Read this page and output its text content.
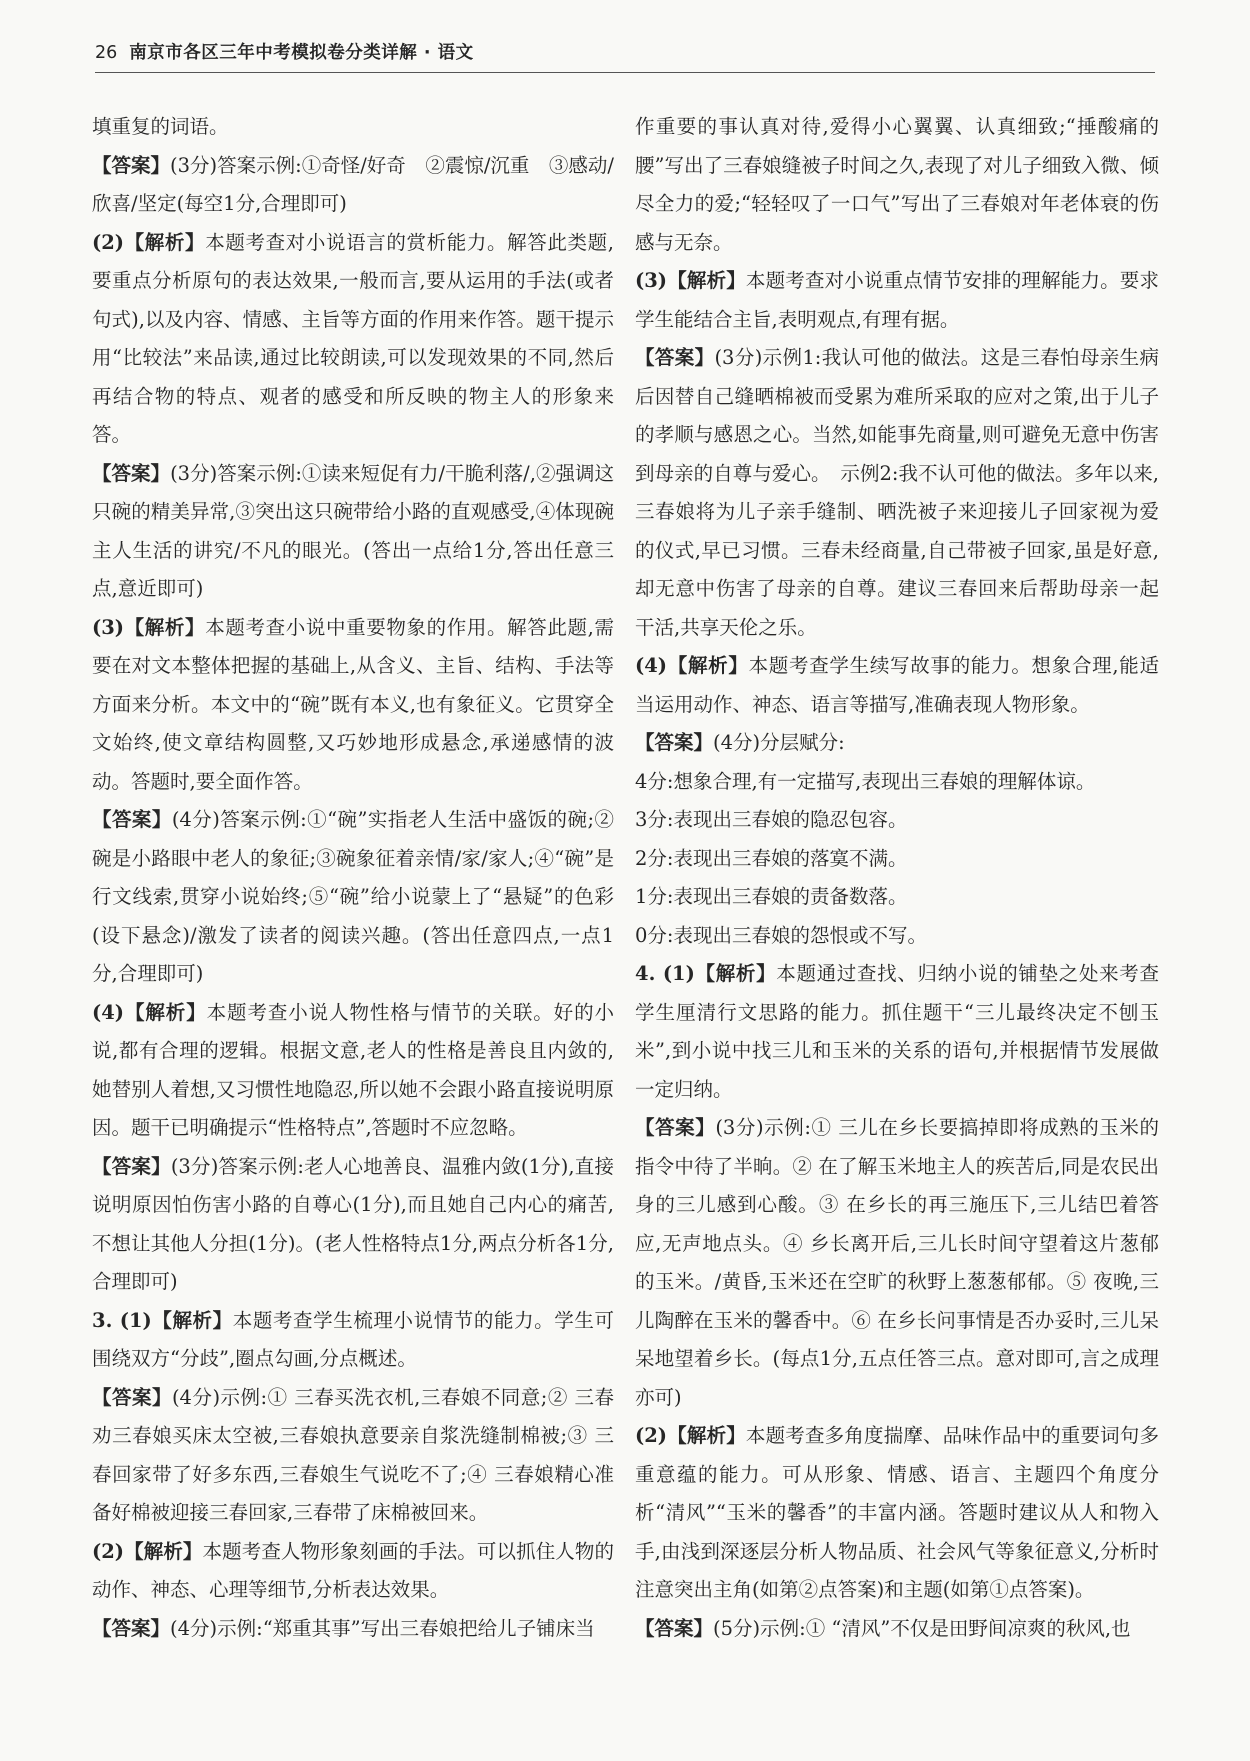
26 南京市各区三年中考模拟卷分类详解 · 语文

填重复的词语。

【答案】(3分)答案示例:①奇怪/好奇　②震惊/沉重　③感动/欣喜/坚定(每空1分,合理即可)

(2)【解析】本题考查对小说语言的赏析能力。解答此类题,要重点分析原句的表达效果,一般而言,要从运用的手法(或者句式),以及内容、情感、主旨等方面的作用来作答。题干提示用“比较法”来品读,通过比较朗读,可以发现效果的不同,然后再结合物的特点、观者的感受和所反映的物主人的形象来答。

【答案】(3分)答案示例:①读来短促有力/干脆利落/,②强调这只碗的精美异常,③突出这只碗带给小路的直观感受,④体现碗主人生活的讲究/不凡的眼光。(答出一点给1分,答出任意三点,意近即可)

(3)【解析】本题考查小说中重要物象的作用。解答此题,需要在对文本整体把握的基础上,从含义、主旨、结构、手法等方面来分析。本文中的“碗”既有本义,也有象征义。它贯穿全文始终,使文章结构圆整,又巧妙地形成悬念,承递感情的波动。答题时,要全面作答。

【答案】(4分)答案示例:①“碗”实指老人生活中盛饭的碗;②碗是小路眼中老人的象征;③碗象征着亲情/家/家人;④“碗”是行文线索,贯穿小说始终;⑤“碗”给小说蒙上了“悬疑”的色彩(设下悬念)/激发了读者的阅读兴趣。(答出任意四点,一点1分,合理即可)

(4)【解析】本题考查小说人物性格与情节的关联。好的小说,都有合理的逻辑。根据文意,老人的性格是善良且内敛的,她替别人着想,又习惯性地隐忍,所以她不会跟小路直接说明原因。题干已明确提示“性格特点”,答题时不应忽略。

【答案】(3分)答案示例:老人心地善良、温雅内敛(1分),直接说明原因怕伤害小路的自尊心(1分),而且她自己内心的痛苦,不想让其他人分担(1分)。(老人性格特点1分,两点分析各1分,合理即可)

3. (1)【解析】本题考查学生梳理小说情节的能力。学生可围绕双方“分歧”,圈点勾画,分点概述。

【答案】(4分)示例:① 三春买洗衣机,三春娘不同意;② 三春劝三春娘买床太空被,三春娘执意要亲自浆洗缝制棉被;③ 三春回家带了好多东西,三春娘生气说吃不了;④ 三春娘精心准备好棉被迎接三春回家,三春带了床棉被回来。

(2)【解析】本题考查人物形象刻画的手法。可以抓住人物的动作、神态、心理等细节,分析表达效果。

【答案】(4分)示例:“郑重其事”写出三春娘把给儿子铺床当

作重要的事认真对待,爱得小心翼翼、认真细致;“捶酸痛的腰”写出了三春娘缝被子时间之久,表现了对儿子细致入微、倾尽全力的爱;“轻轻叹了一口气”写出了三春娘对年老体衰的伤感与无奈。

(3)【解析】本题考查对小说重点情节安排的理解能力。要求学生能结合主旨,表明观点,有理有据。

【答案】(3分)示例1:我认可他的做法。这是三春怕母亲生病后因替自己缝晒棉被而受累为难所采取的应对之策,出于儿子的孝顺与感恩之心。当然,如能事先商量,则可避免无意中伤害到母亲的自尊与爱心。　示例2:我不认可他的做法。多年以来,三春娘将为儿子亲手缝制、晒洗被子来迎接儿子回家视为爱的仪式,早已习惯。三春未经商量,自己带被子回家,虽是好意,却无意中伤害了母亲的自尊。建议三春回来后帮助母亲一起干活,共享天伦之乐。

(4)【解析】本题考查学生续写故事的能力。想象合理,能适当运用动作、神态、语言等描写,准确表现人物形象。

【答案】(4分)分层赋分:

4分:想象合理,有一定描写,表现出三春娘的理解体谅。

3分:表现出三春娘的隐忍包容。

2分:表现出三春娘的落寞不满。

1分:表现出三春娘的责备数落。

0分:表现出三春娘的怨恨或不写。

4. (1)【解析】本题通过查找、归纳小说的铺垫之处来考查学生厘清行文思路的能力。抓住题干“三儿最终决定不刨玉米”,到小说中找三儿和玉米的关系的语句,并根据情节发展做一定归纳。

【答案】(3分)示例:① 三儿在乡长要搞掉即将成熟的玉米的指令中待了半晌。② 在了解玉米地主人的疾苦后,同是农民出身的三儿感到心酸。③ 在乡长的再三施压下,三儿结巴着答应,无声地点头。④ 乡长离开后,三儿长时间守望着这片葱郁的玉米。/黄昏,玉米还在空旷的秋野上葱葱郁郁。⑤ 夜晚,三儿陶醉在玉米的馨香中。⑥ 在乡长问事情是否办妥时,三儿呆呆地望着乡长。(每点1分,五点任答三点。意对即可,言之成理亦可)

(2)【解析】本题考查多角度揣摩、品味作品中的重要词句多重意蕴的能力。可从形象、情感、语言、主题四个角度分析“清风”“玉米的馨香”的丰富内涵。答题时建议从人和物入手,由浅到深逐层分析人物品质、社会风气等象征意义,分析时注意突出主角(如第②点答案)和主题(如第①点答案)。

【答案】(5分)示例:① “清风”不仅是田野间凉爽的秋风,也
